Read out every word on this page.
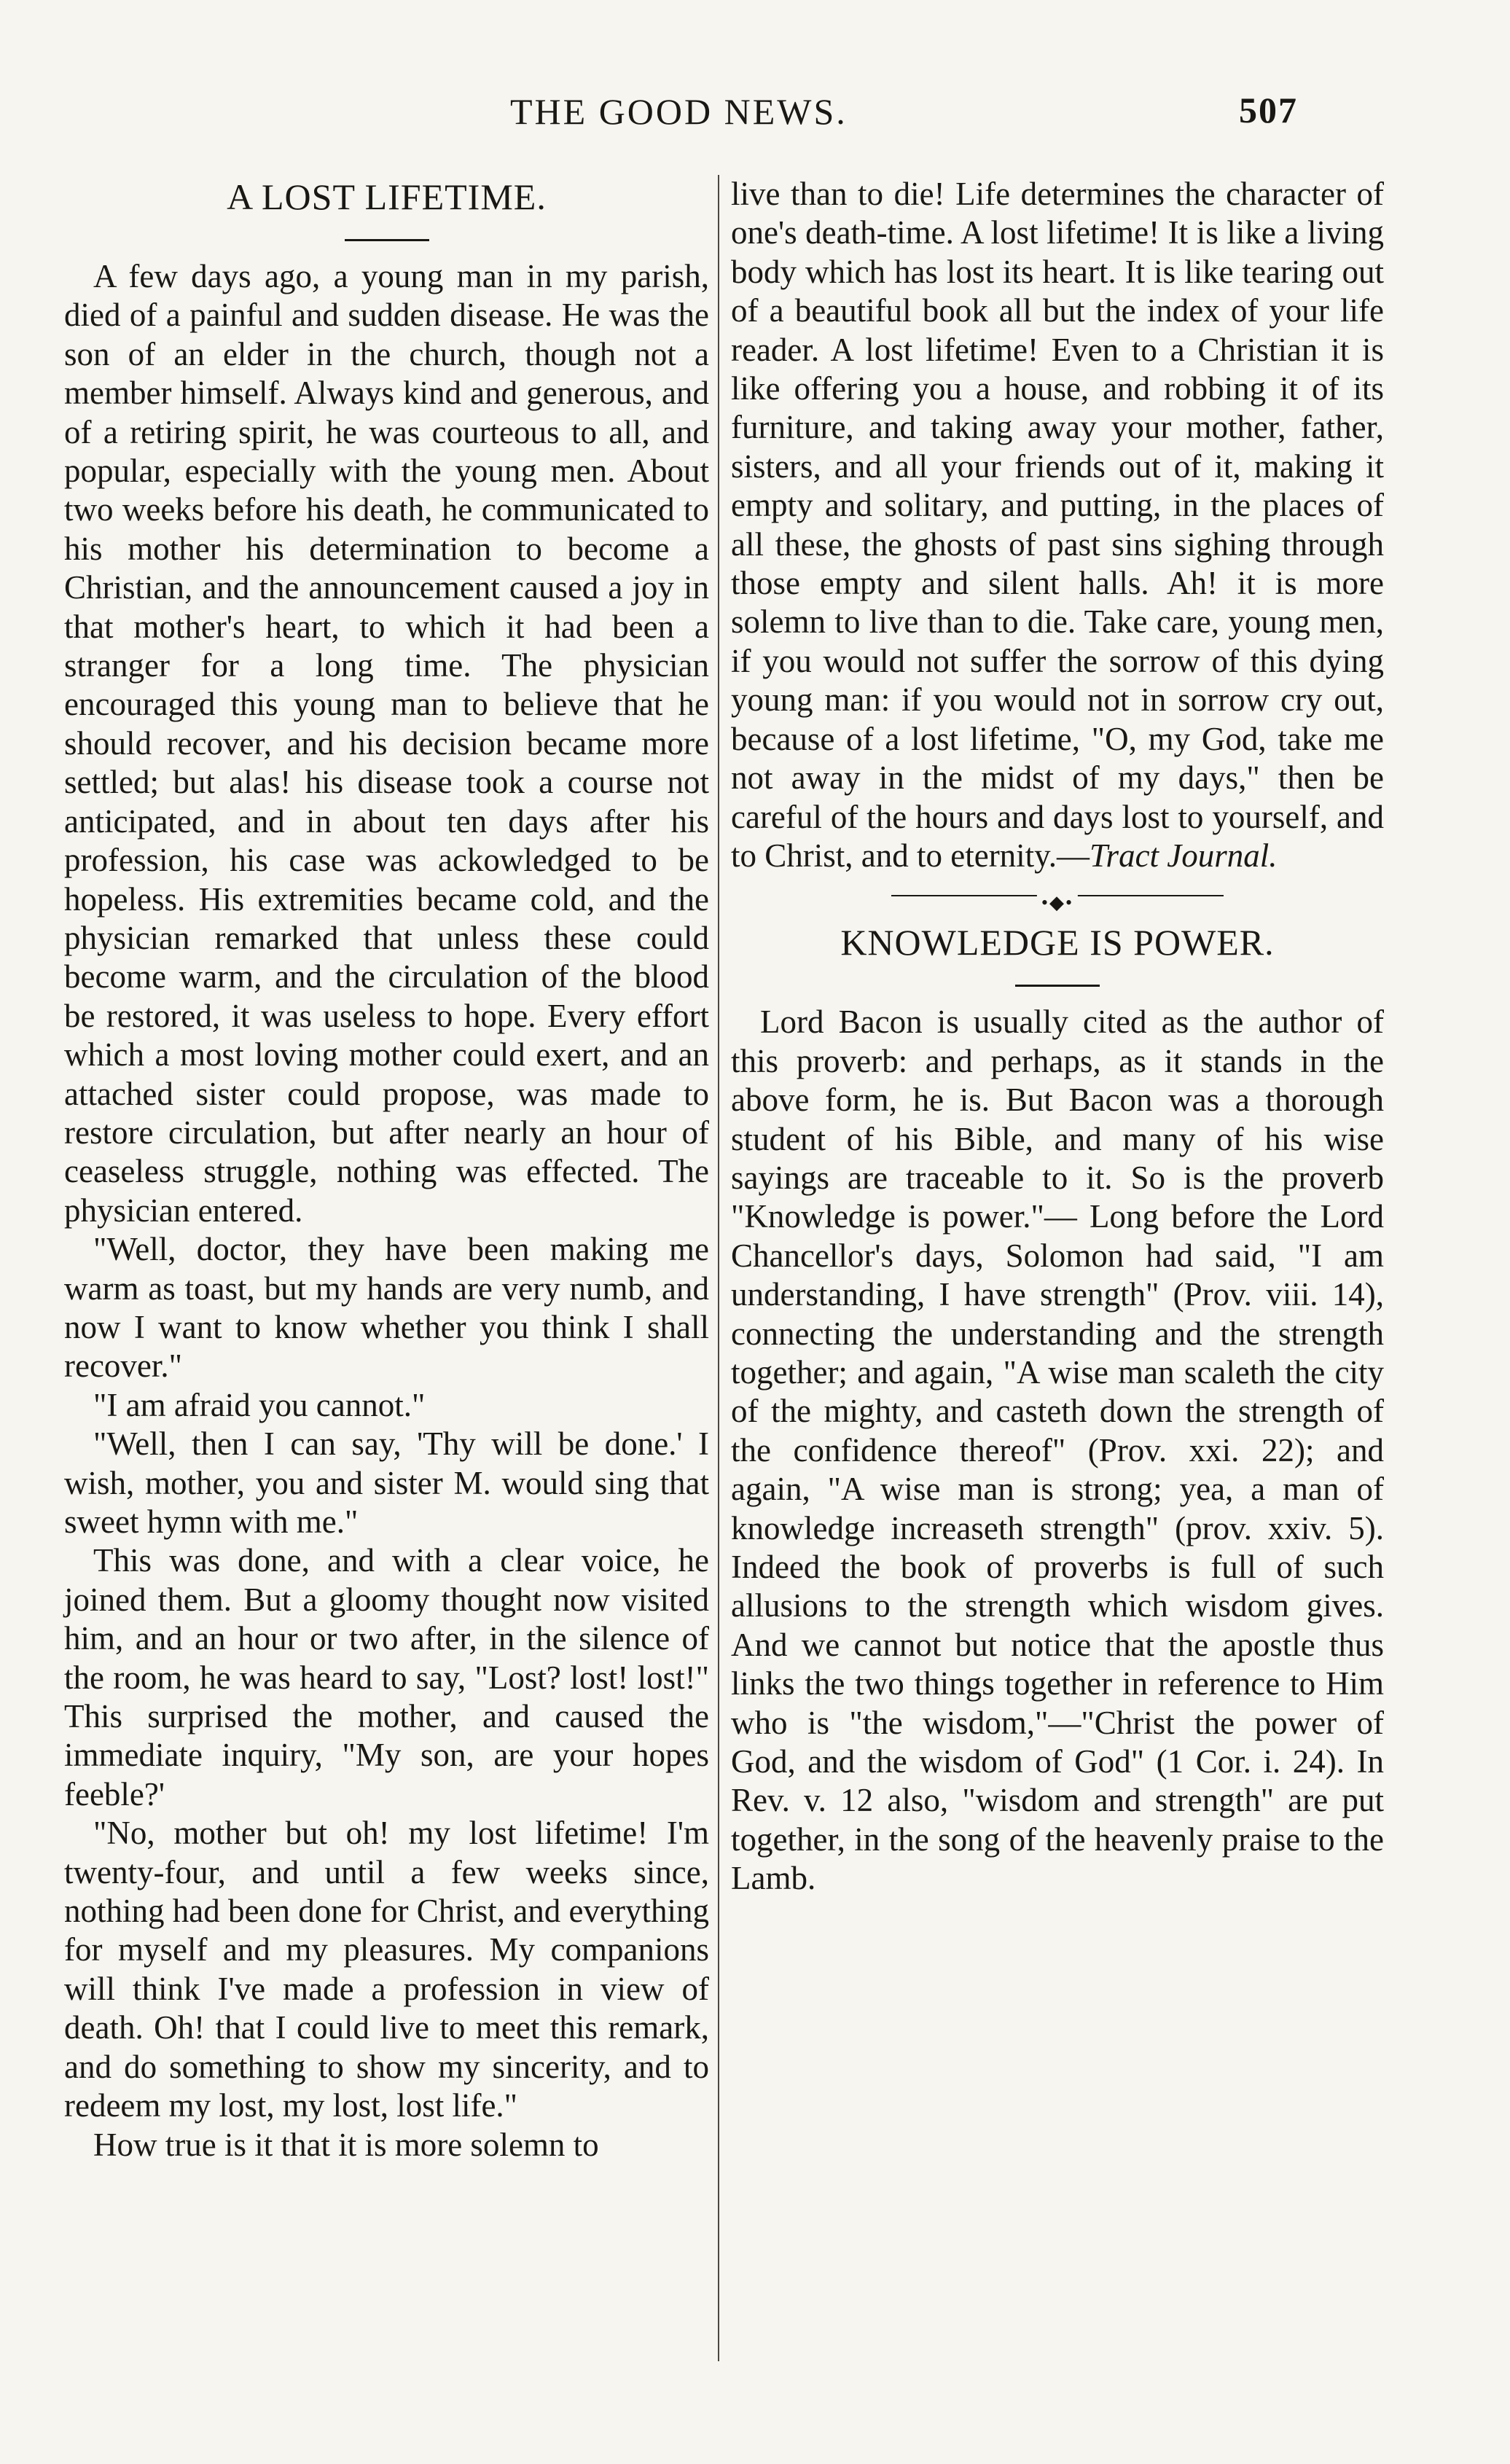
THE GOOD NEWS.	507
A LOST LIFETIME.

A few days ago, a young man in my parish, died of a painful and sudden disease. He was the son of an elder in the church, though not a member himself. Always kind and generous, and of a retiring spirit, he was courteous to all, and popular, especially with the young men. About two weeks before his death, he communicated to his mother his determination to become a Christian, and the announcement caused a joy in that mother's heart, to which it had been a stranger for a long time. The physician encouraged this young man to believe that he should recover, and his decision became more settled; but alas! his disease took a course not anticipated, and in about ten days after his profession, his case was ackowledged to be hopeless. His extremities became cold, and the physician remarked that unless these could become warm, and the circulation of the blood be restored, it was useless to hope. Every effort which a most loving mother could exert, and an attached sister could propose, was made to restore circulation, but after nearly an hour of ceaseless struggle, nothing was effected. The physician entered.

"Well, doctor, they have been making me warm as toast, but my hands are very numb, and now I want to know whether you think I shall recover."

"I am afraid you cannot."

"Well, then I can say, 'Thy will be done.' I wish, mother, you and sister M. would sing that sweet hymn with me."

This was done, and with a clear voice, he joined them. But a gloomy thought now visited him, and an hour or two after, in the silence of the room, he was heard to say, "Lost? lost! lost!" This surprised the mother, and caused the immediate inquiry, "My son, are your hopes feeble?'

"No, mother but oh! my lost lifetime! I'm twenty-four, and until a few weeks since, nothing had been done for Christ, and everything for myself and my pleasures. My companions will think I've made a profession in view of death. Oh! that I could live to meet this remark, and do something to show my sincerity, and to redeem my lost, my lost, lost life."

How true is it that it is more solemn to

live than to die! Life determines the character of one's death-time. A lost lifetime! It is like a living body which has lost its heart. It is like tearing out of a beautiful book all but the index of your life reader. A lost lifetime! Even to a Christian it is like offering you a house, and robbing it of its furniture, and taking away your mother, father, sisters, and all your friends out of it, making it empty and solitary, and putting, in the places of all these, the ghosts of past sins sighing through those empty and silent halls. Ah! it is more solemn to live than to die. Take care, young men, if you would not suffer the sorrow of this dying young man: if you would not in sorrow cry out, because of a lost lifetime, "O, my God, take me not away in the midst of my days," then be careful of the hours and days lost to yourself, and to Christ, and to eternity.—Tract Journal.

•◆•
KNOWLEDGE IS POWER.

Lord Bacon is usually cited as the author of this proverb: and perhaps, as it stands in the above form, he is. But Bacon was a thorough student of his Bible, and many of his wise sayings are traceable to it. So is the proverb "Knowledge is power."— Long before the Lord Chancellor's days, Solomon had said, "I am understanding, I have strength" (Prov. viii. 14), connecting the understanding and the strength together; and again, "A wise man scaleth the city of the mighty, and casteth down the strength of the confidence thereof" (Prov. xxi. 22); and again, "A wise man is strong; yea, a man of knowledge increaseth strength" (prov. xxiv. 5). Indeed the book of proverbs is full of such allusions to the strength which wisdom gives. And we cannot but notice that the apostle thus links the two things together in reference to Him who is "the wisdom,"—"Christ the power of God, and the wisdom of God" (1 Cor. i. 24). In Rev. v. 12 also, "wisdom and strength" are put together, in the song of the heavenly praise to the Lamb.
